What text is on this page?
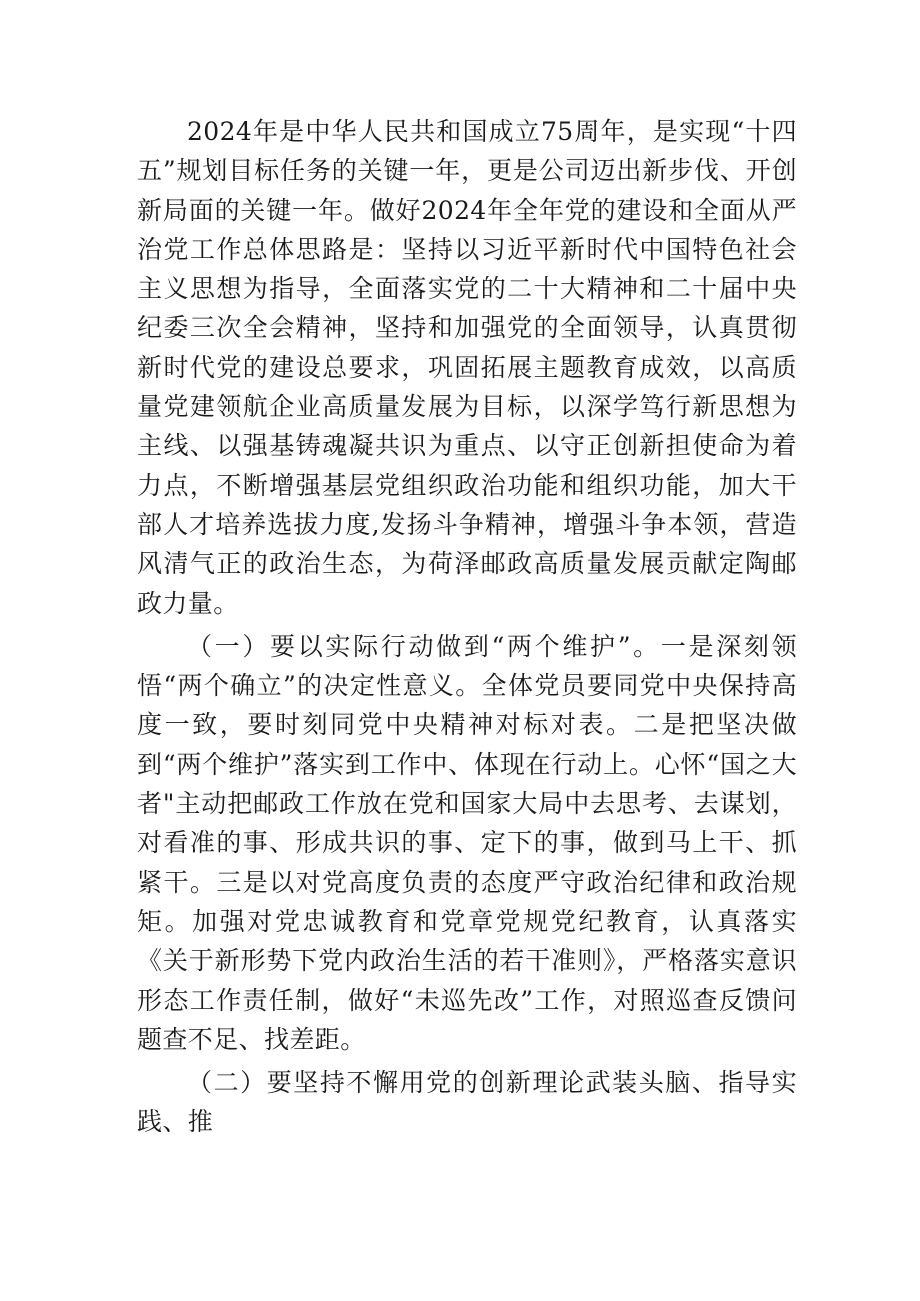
2024年是中华人民共和国成立75周年，是实现“十四五”规划目标任务的关键一年，更是公司迈出新步伐、开创新局面的关键一年。做好2024年全年党的建设和全面从严治党工作总体思路是：坚持以习近平新时代中国特色社会主义思想为指导，全面落实党的二十大精神和二十届中央纪委三次全会精神，坚持和加强党的全面领导，认真贯彻新时代党的建设总要求，巩固拓展主题教育成效，以高质量党建领航企业高质量发展为目标，以深学笃行新思想为主线、以强基铸魂凝共识为重点、以守正创新担使命为着力点，不断增强基层党组织政治功能和组织功能，加大干部人才培养选拔力度,发扬斗争精神，增强斗争本领，营造风清气正的政治生态，为荷泽邮政高质量发展贡献定陶邮政力量。

（一）要以实际行动做到“两个维护”。一是深刻领悟“两个确立”的决定性意义。全体党员要同党中央保持高度一致，要时刻同党中央精神对标对表。二是把坚决做到“两个维护”落实到工作中、体现在行动上。心怀“国之大者"主动把邮政工作放在党和国家大局中去思考、去谋划，对看准的事、形成共识的事、定下的事，做到马上干、抓紧干。三是以对党高度负责的态度严守政治纪律和政治规矩。加强对党忠诚教育和党章党规党纪教育，认真落实《关于新形势下党内政治生活的若干准则》，严格落实意识形态工作责任制，做好“未巡先改”工作，对照巡查反馈问题查不足、找差距。

（二）要坚持不懈用党的创新理论武装头脑、指导实践、推
